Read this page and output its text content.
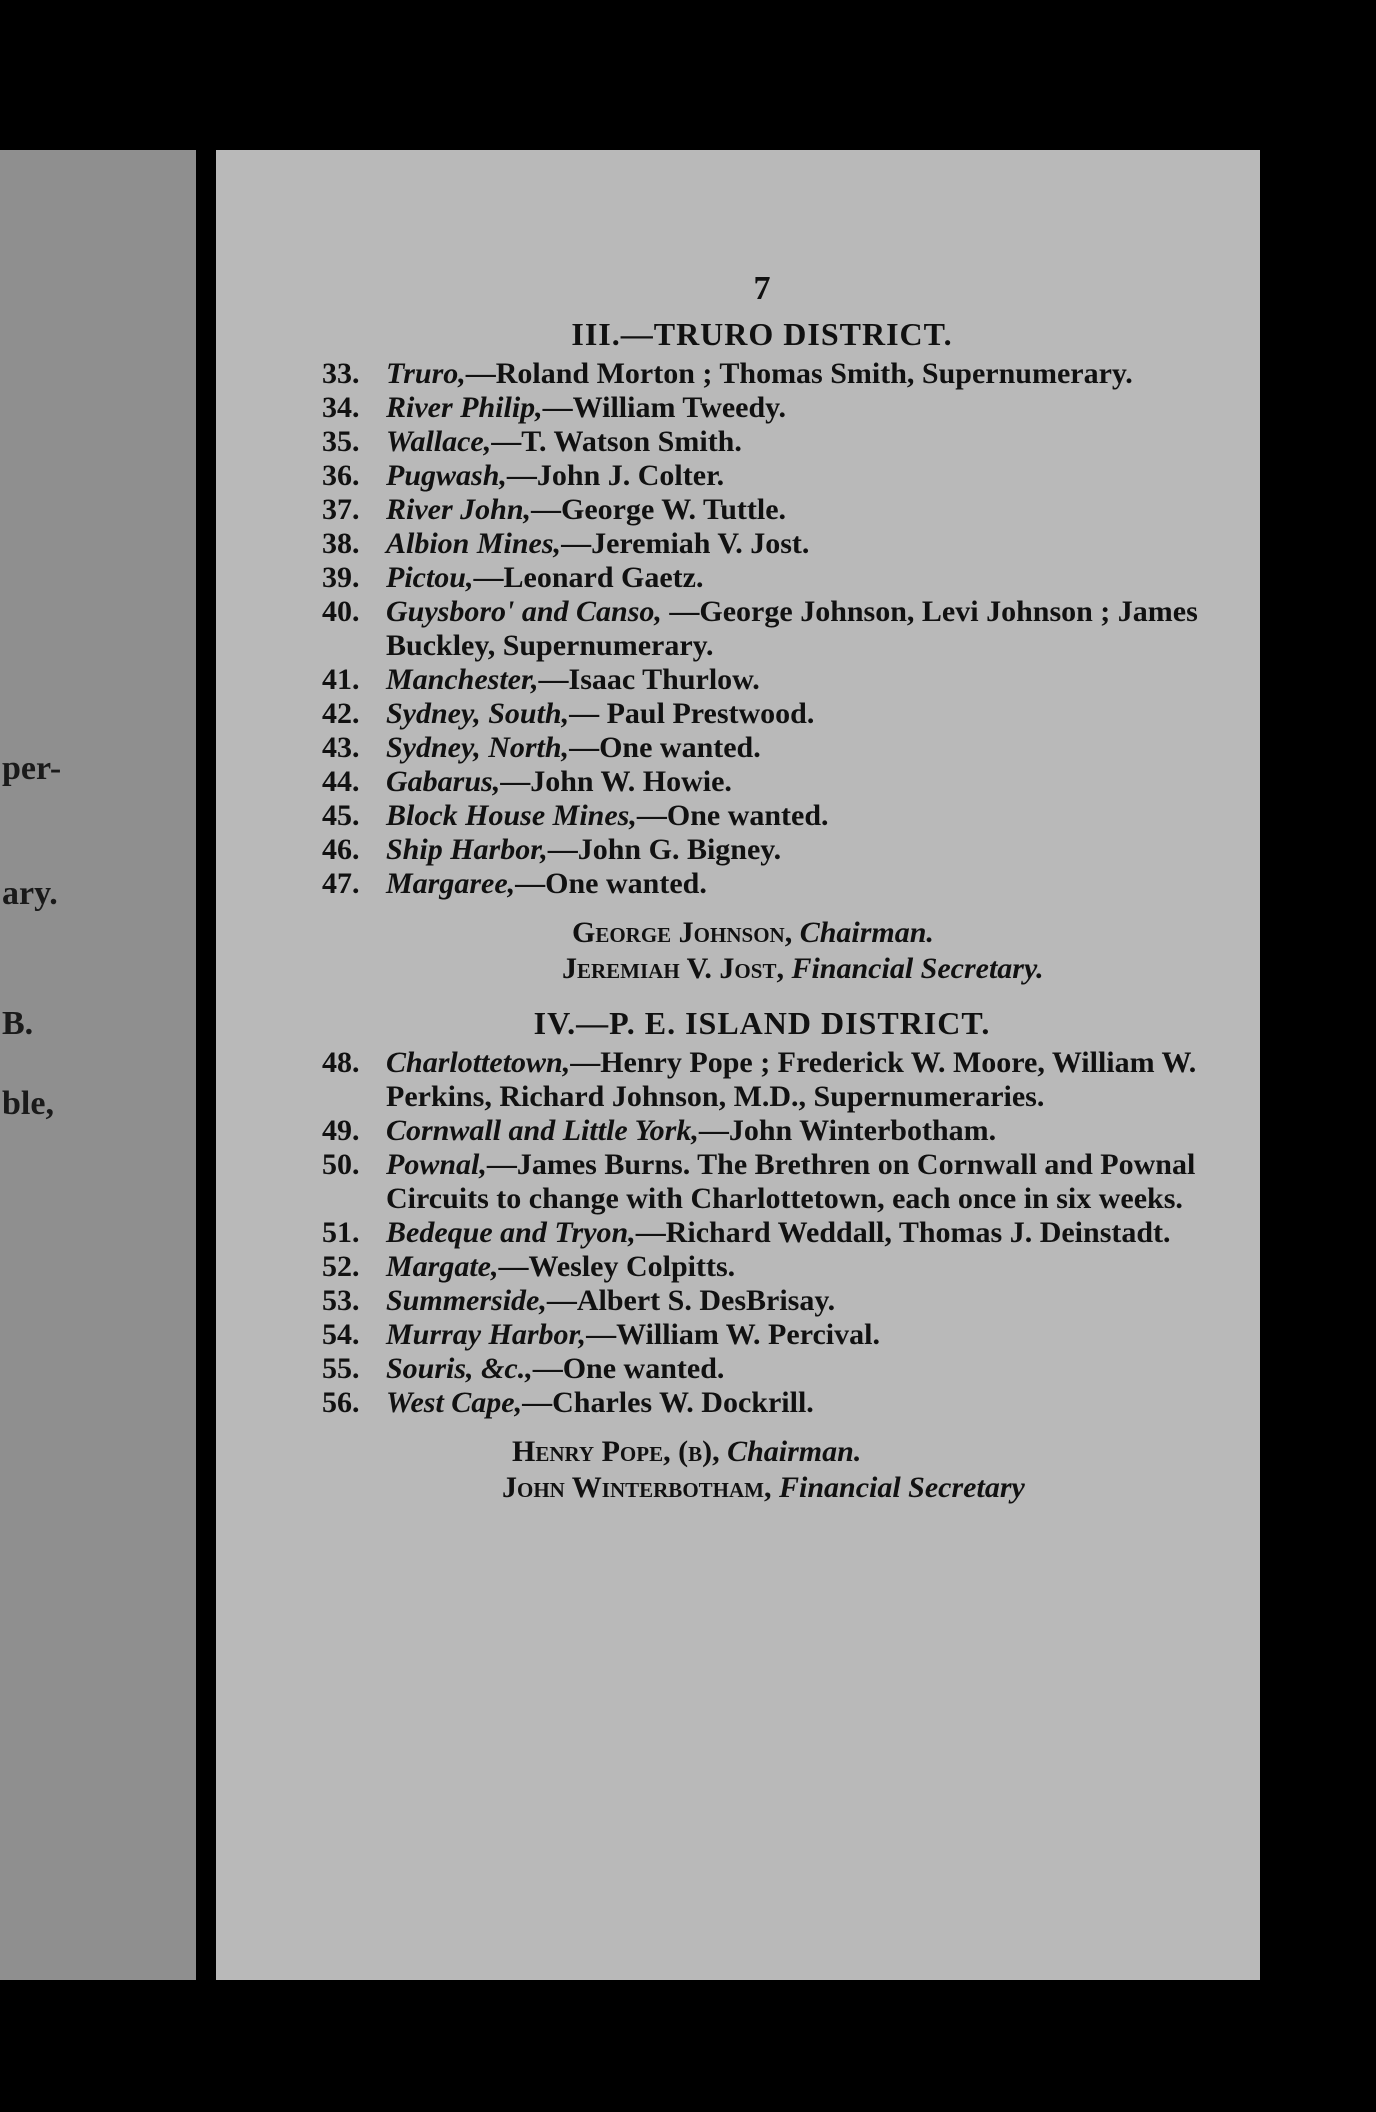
per-
ary.
B.
ble,
7
III.—TRURO DISTRICT.
33. Truro,—Roland Morton ; Thomas Smith, Supernumerary.
34. River Philip,—William Tweedy.
35. Wallace,—T. Watson Smith.
36. Pugwash,—John J. Colter.
37. River John,—George W. Tuttle.
38. Albion Mines,—Jeremiah V. Jost.
39. Pictou,—Leonard Gaetz.
40. Guysboro' and Canso, —George Johnson, Levi Johnson ; James Buckley, Supernumerary.
41. Manchester,—Isaac Thurlow.
42. Sydney, South,— Paul Prestwood.
43. Sydney, North,—One wanted.
44. Gabarus,—John W. Howie.
45. Block House Mines,—One wanted.
46. Ship Harbor,—John G. Bigney.
47. Margaree,—One wanted.
George Johnson, Chairman.
Jeremiah V. Jost, Financial Secretary.
IV.—P. E. ISLAND DISTRICT.
48. Charlottetown,—Henry Pope ; Frederick W. Moore, William W. Perkins, Richard Johnson, M.D., Supernumeraries.
49. Cornwall and Little York,—John Winterbotham.
50. Pownal,—James Burns. The Brethren on Cornwall and Pownal Circuits to change with Charlottetown, each once in six weeks.
51. Bedeque and Tryon,—Richard Weddall, Thomas J. Deinstadt.
52. Margate,—Wesley Colpitts.
53. Summerside,—Albert S. DesBrisay.
54. Murray Harbor,—William W. Percival.
55. Souris, &c.,—One wanted.
56. West Cape,—Charles W. Dockrill.
Henry Pope, (b), Chairman.
John Winterbotham, Financial Secretary
